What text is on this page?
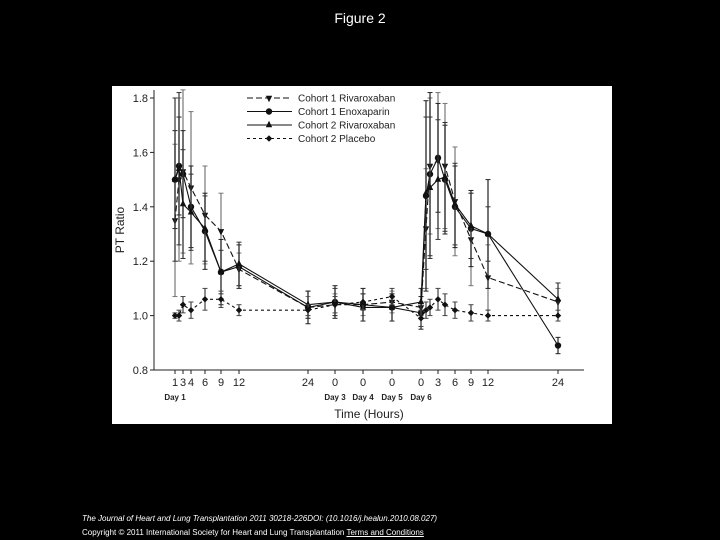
Figure 2
0.8
1.0
1.2
1.4
1.6
1.8
1 3 4 6 9 12	24 0 0 0 0 3 6 9 12	24
Day 1	Day 3 Day 4 Day 5 Day 6
Time (Hours)
PT Ratio
Cohort 1 Rivaroxaban
Cohort 1 Enoxaparin
Cohort 2 Rivaroxaban
Cohort 2 Placebo
The Journal of Heart and Lung Transplantation 2011 30218-226DOI: (10.1016/j.healun.2010.08.027)
Copyright © 2011 International Society for Heart and Lung Transplantation Terms and Conditions
